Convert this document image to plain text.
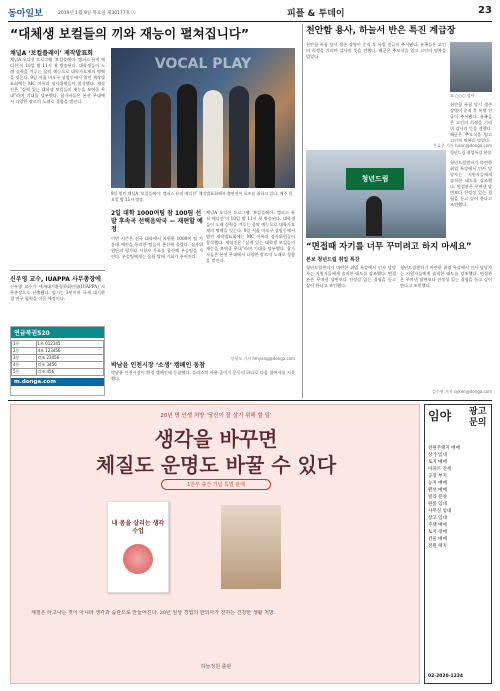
동아일보	2019년 1월 9일 목요일 제30177호 Ⓐ	피플 & 투데이	23
“대체생 보컬들의 끼와 재능이 펼쳐집니다”
채널A ‘보컬플레이’ 제작발표회
채널A 오디션 프로그램 ‘보컬플레이: 캠퍼스 뮤직 에디션’이 10일 밤 11시 첫 방송된다. 대학생들이 노래 실력을 겨루는 음악 예능으로 대학가요제의 명맥을 잇는다. 9일 서울 마포구 상암동에서 열린 제작발표회에는 MC 이특과 심사위원들이 참석했다. 제작진은 “실력 있는 대학생 보컬들의 재능을 보여줄 무대”라며 기대를 당부했다. 참가자들은 본선 무대에서 다양한 장르의 노래로 경합을 벌인다.
VOCAL PLAY
9일 열린 채널A ‘보컬플레이: 캠퍼스 뮤직 에디션’ 제작발표회에서 출연진이 포즈를 취하고 있다. 매주 목요일 밤 11시 방송.
2일 대학 1000여팀 참 100팀 선발 후속곡 선택음악국 — 재편할 예정
이번 시즌은 전국 대학에서 지원한 1000여 팀 가운데 예선을 통과한 팀들이 본선에 올랐다. 심사위원단의 평가와 시청자 투표를 합산해 우승팀을 가린다. 우승팀에게는 음원 발매 기회가 주어진다.
채널A 오디션 프로그램 ‘보컬플레이: 캠퍼스 뮤직 에디션’이 10일 밤 11시 첫 방송된다. 대학생들이 노래 실력을 겨루는 음악 예능으로 대학가요제의 명맥을 잇는다. 9일 서울 마포구 상암동에서 열린 제작발표회에는 MC 이특과 심사위원들이 참석했다. 제작진은 “실력 있는 대학생 보컬들의 재능을 보여줄 무대”라며 기대를 당부했다. 참가자들은 본선 무대에서 다양한 장르의 노래로 경합을 벌인다.
양형모 기자 hmyang@donga.com
신우영 교수, IUAPPA 사무총장에
신우영 교수가 세계대기환경학회연합(IUAPPA) 사무총장으로 선출됐다. 임기는 3년이며 국제 대기환경 연구 협력을 이끌 예정이다.
연금복권520
1등	1조 012345
2등	4조 123456
3등	각조 23456
4등	각조 3456
5등	각조 456
m.donga.com
박남윤 인천시장 ‘소생’ 캠페인 동참
박남윤 인천시장이 환경 캠페인에 동참했다. 플라스틱 사용 줄이기 운동의 하나로 다음 참여자를 지목했다.
천안함 용사, 하늘서 반은 특진 계급장
천안함 폭침 당시 생존 장병이 순직 후 특별 진급이 추서됐다. 유족들은 고인의 희생을 기리며 감사의 뜻을 전했다. 해군은 추모식을 열고 고인의 명복을 빌었다.
고 ○○○ 상사
천안함 폭침 당시 생존 장병이 순직 후 특별 진급이 추서됐다. 유족들은 고인의 희생을 기리며 감사의 뜻을 전했다. 해군은 추모식을 열고 고인의 명복을 빌었다.
손효주 기자 hjson@donga.com
청년드림
청년드림 취업특강 현장
청년드림센터가 마련한 취업 특강에서 인사 담당자는 지원자들에게 솔직한 태도를 강조했다. 면접관은 꾸며낸 답변보다 진정성 있는 경험을 듣고 싶어 한다고 조언했다.
“면접때 자기를 너무 꾸미려고 하지 마세요”
본보 청년드림 취업 특강
청년드림센터가 마련한 취업 특강에서 인사 담당자는 지원자들에게 솔직한 태도를 강조했다. 면접관은 꾸며낸 답변보다 진정성 있는 경험을 듣고 싶어 한다고 조언했다.
청년드림센터가 마련한 취업 특강에서 인사 담당자는 지원자들에게 솔직한 태도를 강조했다. 면접관은 꾸며낸 답변보다 진정성 있는 경험을 듣고 싶어 한다고 조언했다.
김수연 기자 sykim@donga.com
20년 명 인생 처방 ‘당신이 잘 살기 위해 할 일’
생각을 바꾸면
체질도 운명도 바꿀 수 있다
1만부 출간 기념 특별 판매
내 몸을 살리는 생각 수업
체질은 타고나는 것이 아니라 생각과 습관으로 만들어진다. 20년 임상 경험의 한의사가 전하는 건강한 생활 처방.
하늘정원 출판
임야 광고문의
전원주택지 매매
상가 임대
토지 매매
아파트 전세
공장 부지
농지 매매
펜션 매매
빌라 분양
원룸 임대
사무실 임대
창고 임대
주택 매매
토지 경매
건물 매매
전원 택지
02-2020-1234
